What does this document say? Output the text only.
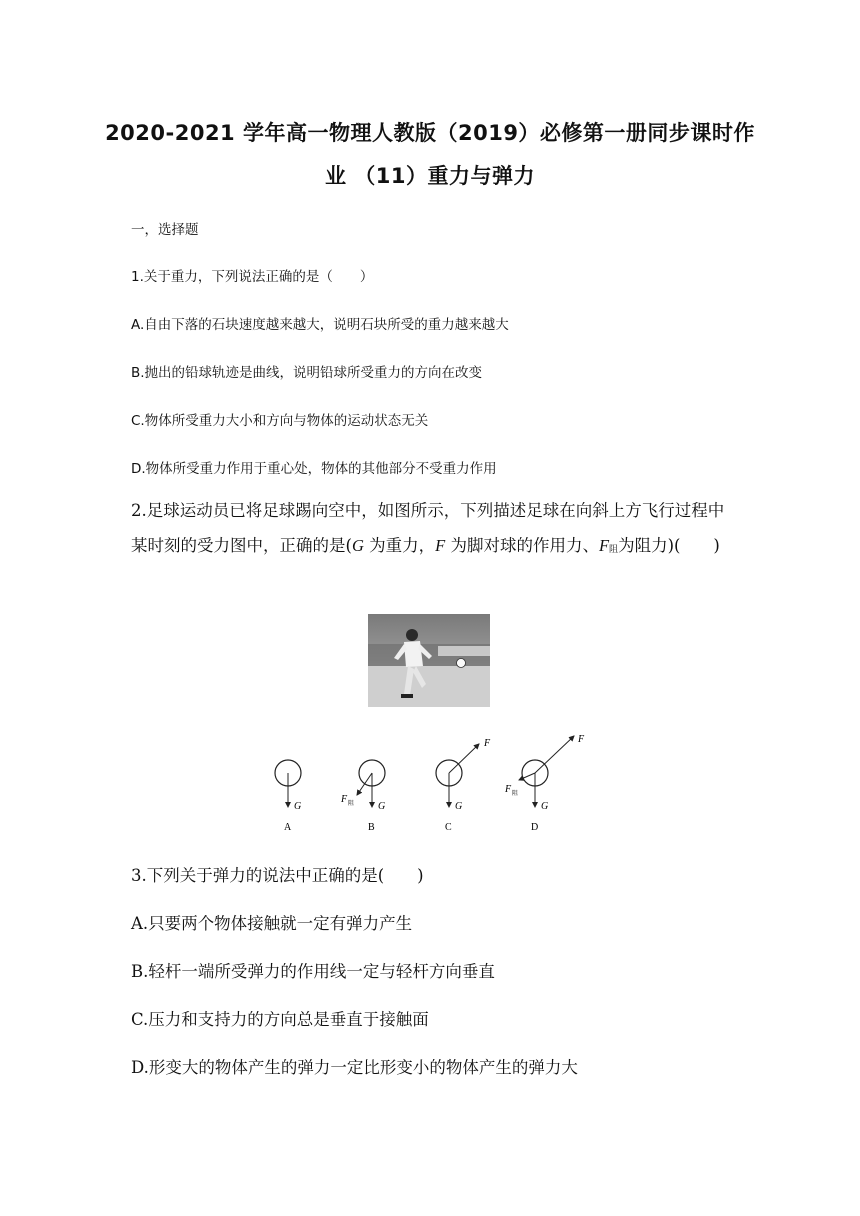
2020-2021 学年高一物理人教版（2019）必修第一册同步课时作
业 （11）重力与弹力
一，选择题
1.关于重力，下列说法正确的是（　　）
A.自由下落的石块速度越来越大，说明石块所受的重力越来越大
B.抛出的铅球轨迹是曲线，说明铅球所受重力的方向在改变
C.物体所受重力大小和方向与物体的运动状态无关
D.物体所受重力作用于重心处，物体的其他部分不受重力作用
2.足球运动员已将足球踢向空中，如图所示，下列描述足球在向斜上方飞行过程中某时刻的受力图中，正确的是(G 为重力，F 为脚对球的作用力、F阻为阻力)(　　)
G
A
G
F 阻
B
G
F
C
G
F
F 阻
D
3.下列关于弹力的说法中正确的是(　　)
A.只要两个物体接触就一定有弹力产生
B.轻杆一端所受弹力的作用线一定与轻杆方向垂直
C.压力和支持力的方向总是垂直于接触面
D.形变大的物体产生的弹力一定比形变小的物体产生的弹力大
